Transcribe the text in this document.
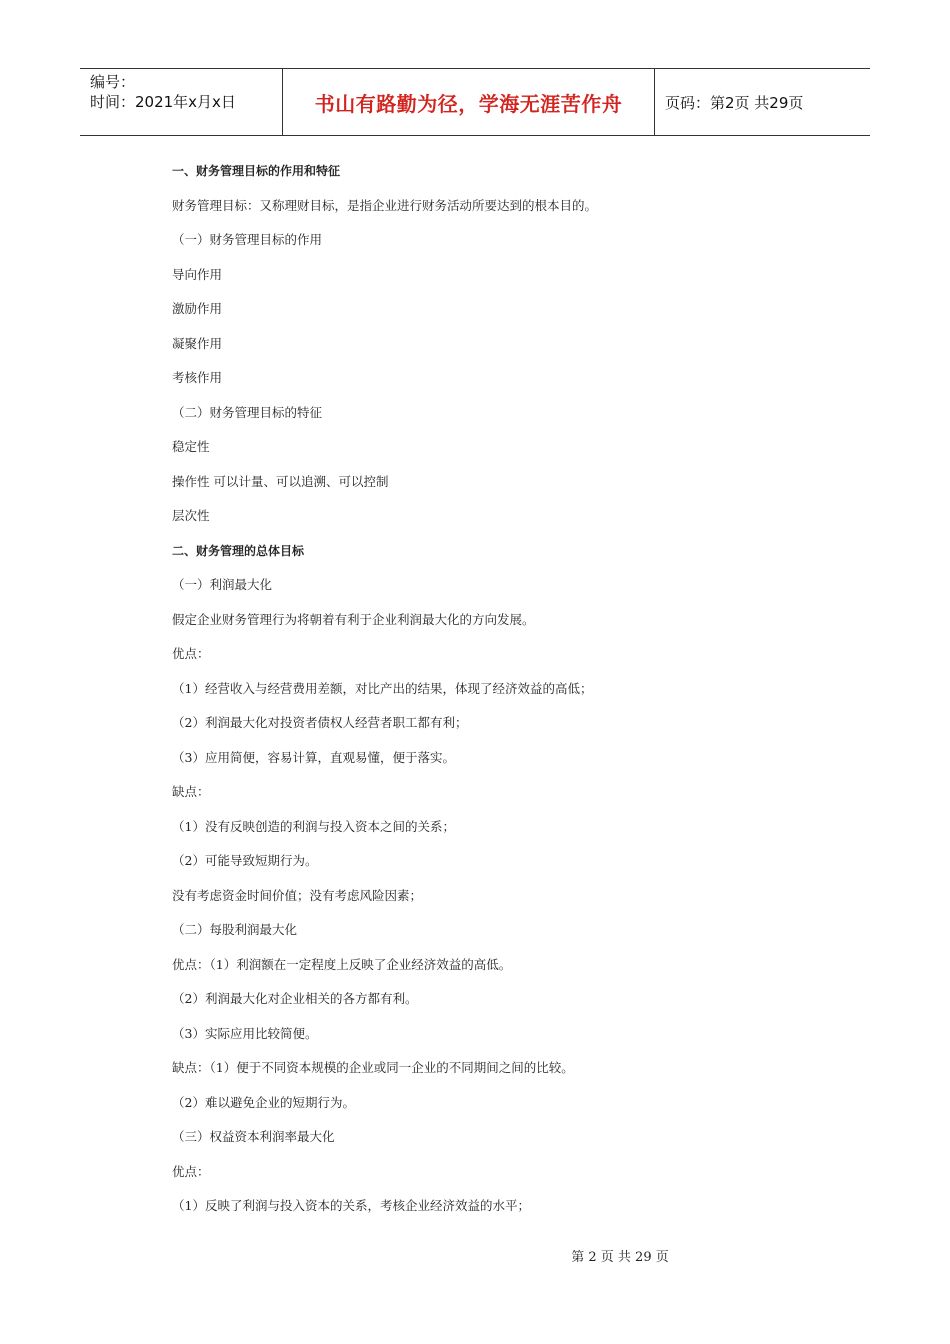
编号：
时间：2021年x月x日	书山有路勤为径，学海无涯苦作舟	页码：第2页 共29页
一、财务管理目标的作用和特征
财务管理目标：又称理财目标，是指企业进行财务活动所要达到的根本目的。
（一）财务管理目标的作用
导向作用
激励作用
凝聚作用
考核作用
（二）财务管理目标的特征
稳定性
操作性 可以计量、可以追溯、可以控制
层次性
二、财务管理的总体目标
（一）利润最大化
假定企业财务管理行为将朝着有利于企业利润最大化的方向发展。
优点：
（1）经营收入与经营费用差额，对比产出的结果，体现了经济效益的高低；
（2）利润最大化对投资者债权人经营者职工都有利；
（3）应用简便，容易计算，直观易懂，便于落实。
缺点：
（1）没有反映创造的利润与投入资本之间的关系；
（2）可能导致短期行为。
没有考虑资金时间价值；没有考虑风险因素；
（二）每股利润最大化
优点：（1）利润额在一定程度上反映了企业经济效益的高低。
（2）利润最大化对企业相关的各方都有利。
（3）实际应用比较简便。
缺点：（1）便于不同资本规模的企业或同一企业的不同期间之间的比较。
（2）难以避免企业的短期行为。
（三）权益资本利润率最大化
优点：
（1）反映了利润与投入资本的关系，考核企业经济效益的水平；
第 2 页 共 29 页
